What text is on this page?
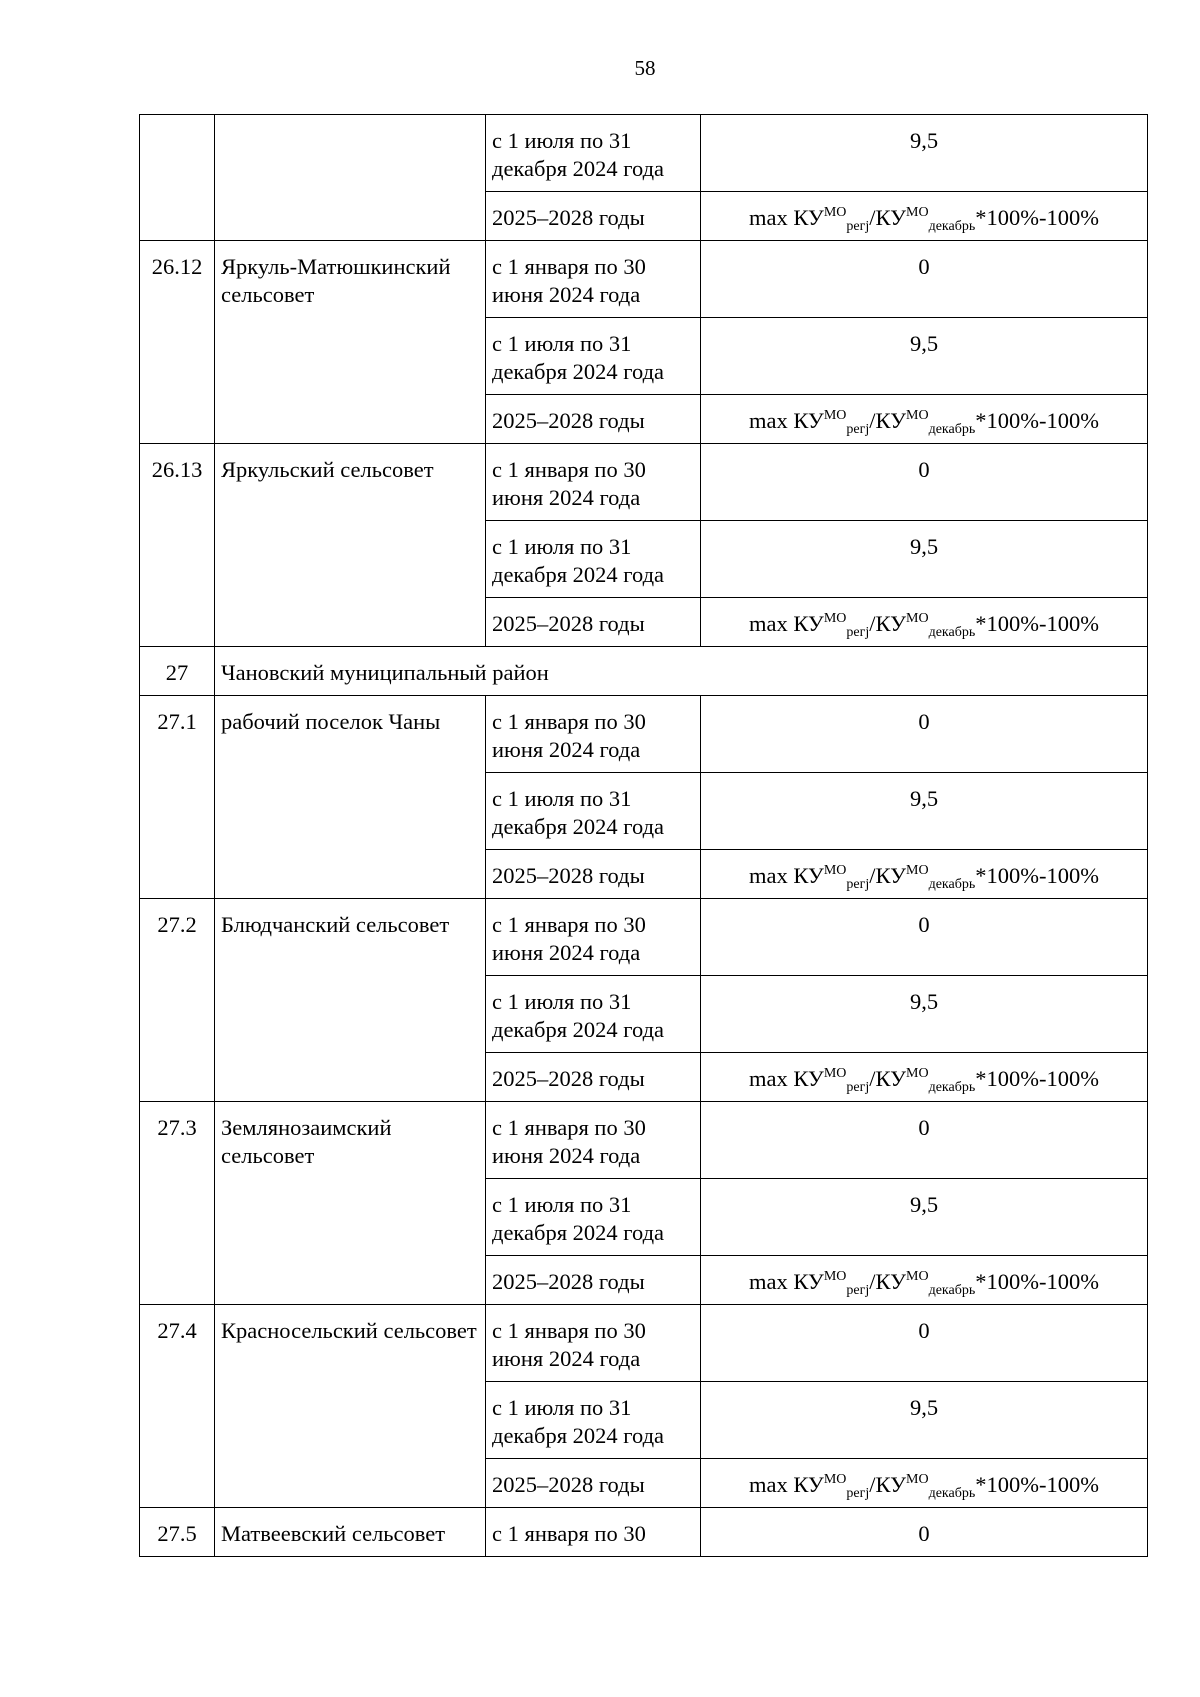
58
		с 1 июля по 31 декабря 2024 года	9,5
		2025–2028 годы	$\max КУ^{МО}_{регj}/КУ^{МО}_{декабрь}*100\%-100\%$
26.12	Яркуль-Матюшкинский сельсовет	с 1 января по 30 июня 2024 года	0
		с 1 июля по 31 декабря 2024 года	9,5
		2025–2028 годы	$\max КУ^{МО}_{регj}/КУ^{МО}_{декабрь}*100\%-100\%$
26.13	Яркульский сельсовет	с 1 января по 30 июня 2024 года	0
		с 1 июля по 31 декабря 2024 года	9,5
		2025–2028 годы	$\max КУ^{МО}_{регj}/КУ^{МО}_{декабрь}*100\%-100\%$
27	Чановский муниципальный район		
27.1	рабочий поселок Чаны	с 1 января по 30 июня 2024 года	0
		с 1 июля по 31 декабря 2024 года	9,5
		2025–2028 годы	$\max КУ^{МО}_{регj}/КУ^{МО}_{декабрь}*100\%-100\%$
27.2	Блюдчанский сельсовет	с 1 января по 30 июня 2024 года	0
		с 1 июля по 31 декабря 2024 года	9,5
		2025–2028 годы	$\max КУ^{МО}_{регj}/КУ^{МО}_{декабрь}*100\%-100\%$
27.3	Землянозаимский сельсовет	с 1 января по 30 июня 2024 года	0
		с 1 июля по 31 декабря 2024 года	9,5
		2025–2028 годы	$\max КУ^{МО}_{регj}/КУ^{МО}_{декабрь}*100\%-100\%$
27.4	Красносельский сельсовет	с 1 января по 30 июня 2024 года	0
		с 1 июля по 31 декабря 2024 года	9,5
		2025–2028 годы	$\max КУ^{МО}_{регj}/КУ^{МО}_{декабрь}*100\%-100\%$
27.5	Матвеевский сельсовет	с 1 января по 30	0
